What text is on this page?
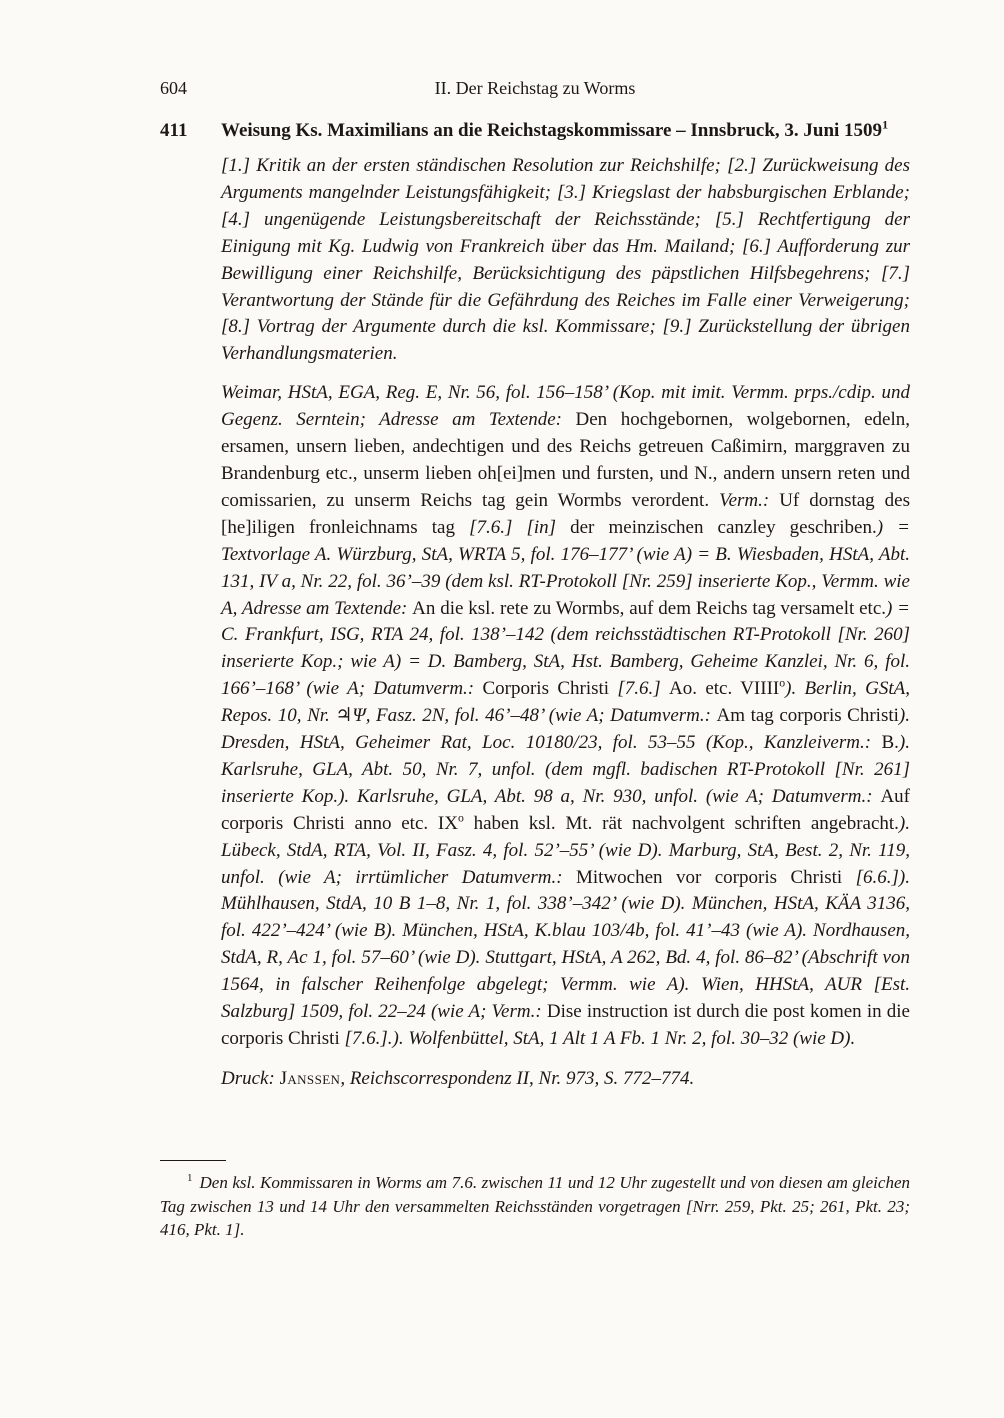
604	II. Der Reichstag zu Worms
411	Weisung Ks. Maximilians an die Reichstagskommissare – Innsbruck, 3. Juni 1509$^1$

[1.] Kritik an der ersten ständischen Resolution zur Reichshilfe; [2.] Zurückweisung des Arguments mangelnder Leistungsfähigkeit; [3.] Kriegslast der habsburgischen Erblande; [4.] ungenügende Leistungsbereitschaft der Reichsstände; [5.] Rechtfertigung der Einigung mit Kg. Ludwig von Frankreich über das Hm. Mailand; [6.] Aufforderung zur Bewilligung einer Reichshilfe, Berücksichtigung des päpstlichen Hilfsbegehrens; [7.] Verantwortung der Stände für die Gefährdung des Reiches im Falle einer Verweigerung; [8.] Vortrag der Argumente durch die ksl. Kommissare; [9.] Zurückstellung der übrigen Verhandlungsmaterien.

Weimar, HStA, EGA, Reg. E, Nr. 56, fol. 156–158’ (Kop. mit imit. Vermm. prps./cdip. und Gegenz. Serntein; Adresse am Textende: Den hochgebornen, wolgebornen, edeln, ersamen, unsern lieben, andechtigen und des Reichs getreuen Caßimirn, marggraven zu Brandenburg etc., unserm lieben oh[ei]men und fursten, und N., andern unsern reten und comissarien, zu unserm Reichs tag gein Wormbs verordent. Verm.: Uf dornstag des [he]iligen fronleichnams tag [7.6.] [in] der meinzischen canzley geschriben.) = Textvorlage A. Würzburg, StA, WRTA 5, fol. 176–177’ (wie A) = B. Wiesbaden, HStA, Abt. 131, IV a, Nr. 22, fol. 36’–39 (dem ksl. RT-Protokoll [Nr. 259] inserierte Kop., Vermm. wie A, Adresse am Textende: An die ksl. rete zu Wormbs, auf dem Reichs tag versamelt etc.) = C. Frankfurt, ISG, RTA 24, fol. 138’–142 (dem reichsstädtischen RT-Protokoll [Nr. 260] inserierte Kop.; wie A) = D. Bamberg, StA, Hst. Bamberg, Geheime Kanzlei, Nr. 6, fol. 166’–168’ (wie A; Datumverm.: Corporis Christi [7.6.] Ao. etc. VIIII$^o$). Berlin, GStA, Repos. 10, Nr. ♃Ψ, Fasz. 2N, fol. 46’–48’ (wie A; Datumverm.: Am tag corporis Christi). Dresden, HStA, Geheimer Rat, Loc. 10180/23, fol. 53–55 (Kop., Kanzleiverm.: B.). Karlsruhe, GLA, Abt. 50, Nr. 7, unfol. (dem mgfl. badischen RT-Protokoll [Nr. 261] inserierte Kop.). Karlsruhe, GLA, Abt. 98 a, Nr. 930, unfol. (wie A; Datumverm.: Auf corporis Christi anno etc. $IX^o$ haben ksl. Mt. rät nachvolgent schriften angebracht.). Lübeck, StdA, RTA, Vol. II, Fasz. 4, fol. 52’–55’ (wie D). Marburg, StA, Best. 2, Nr. 119, unfol. (wie A; irrtümlicher Datumverm.: Mitwochen vor corporis Christi [6.6.]). Mühlhausen, StdA, 10 B 1–8, Nr. 1, fol. 338’–342’ (wie D). München, HStA, KÄA 3136, fol. 422’–424’ (wie B). München, HStA, K.blau 103/4b, fol. 41’–43 (wie A). Nordhausen, StdA, R, Ac 1, fol. 57–60’ (wie D). Stuttgart, HStA, A 262, Bd. 4, fol. 86–82’ (Abschrift von 1564, in falscher Reihenfolge abgelegt; Vermm. wie A). Wien, HHStA, AUR [Est. Salzburg] 1509, fol. 22–24 (wie A; Verm.: Dise instruction ist durch die post komen in die corporis Christi [7.6.].). Wolfenbüttel, StA, 1 Alt 1 A Fb. 1 Nr. 2, fol. 30–32 (wie D).

Druck: Janssen, Reichscorrespondenz II, Nr. 973, S. 772–774.

$^1$ Den ksl. Kommissaren in Worms am 7.6. zwischen 11 und 12 Uhr zugestellt und von diesen am gleichen Tag zwischen 13 und 14 Uhr den versammelten Reichsständen vorgetragen [Nrr. 259, Pkt. 25; 261, Pkt. 23; 416, Pkt. 1].
